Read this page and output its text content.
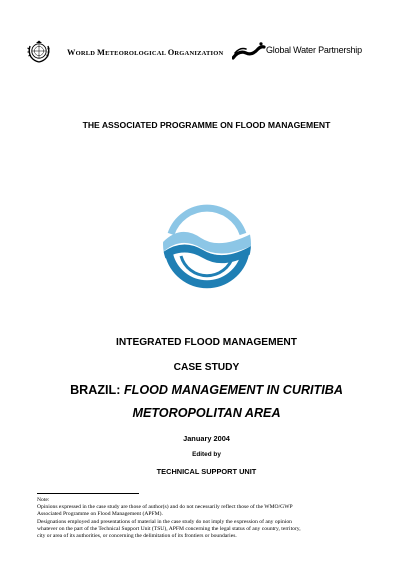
WORLD METEOROLOGICAL ORGANIZATION	Global Water Partnership
THE ASSOCIATED PROGRAMME ON FLOOD MANAGEMENT
INTEGRATED FLOOD MANAGEMENT
CASE STUDY
BRAZIL: FLOOD MANAGEMENT IN CURITIBA
METOROPOLITAN AREA
January 2004
Edited by
TECHNICAL SUPPORT UNIT
Note:
Opinions expressed in the case study are those of author(s) and do not necessarily reflect those of the WMO/GWP
Associated Programme on Flood Management (APFM).
Designations employed and presentations of material in the case study do not imply the expression of any opinion
whatever on the part of the Technical Support Unit (TSU), APFM concerning the legal status of any country, territory,
city or area of its authorities, or concerning the delimitation of its frontiers or boundaries.
